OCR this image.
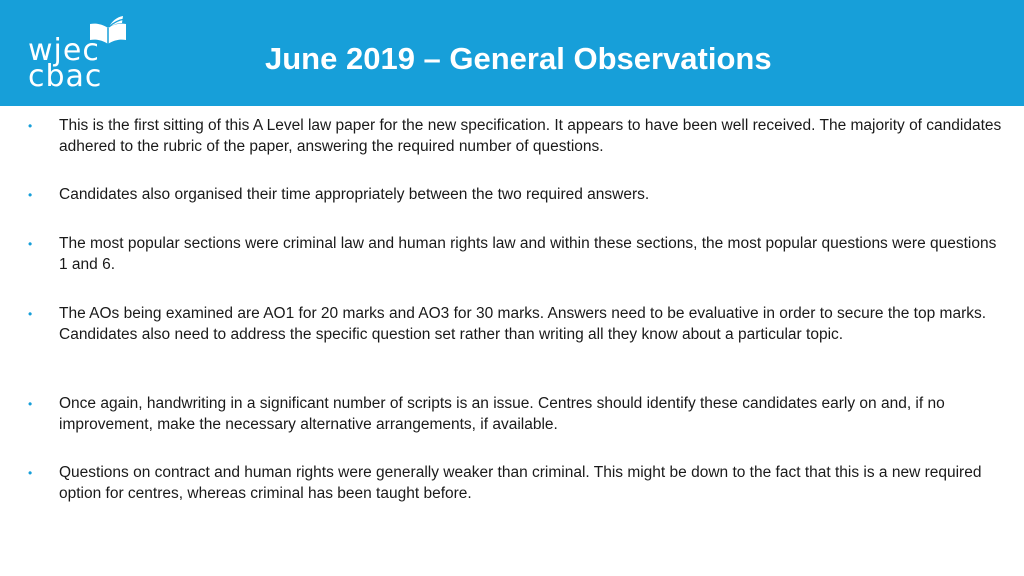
wjec
cbac
June 2019 – General Observations
• This is the first sitting of this A Level law paper for the new specification. It appears to have been well received. The majority of candidates adhered to the rubric of the paper, answering the required number of questions.
• Candidates also organised their time appropriately between the two required answers.
• The most popular sections were criminal law and human rights law and within these sections, the most popular questions were questions 1 and 6.
• The AOs being examined are AO1 for 20 marks and AO3 for 30 marks. Answers need to be evaluative in order to secure the top marks. Candidates also need to address the specific question set rather than writing all they know about a particular topic.
• Once again, handwriting in a significant number of scripts is an issue. Centres should identify these candidates early on and, if no improvement, make the necessary alternative arrangements, if available.
• Questions on contract and human rights were generally weaker than criminal. This might be down to the fact that this is a new required option for centres, whereas criminal has been taught before.
